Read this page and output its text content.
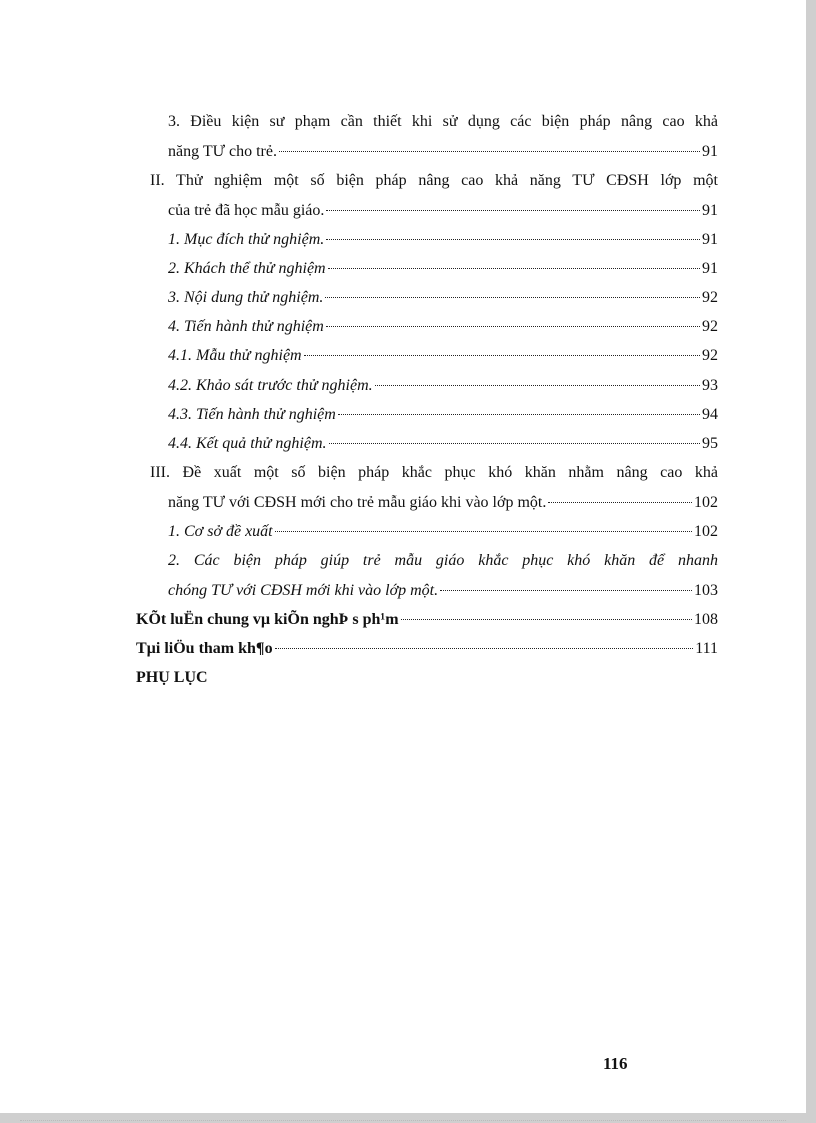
3. Điều kiện sư phạm cần thiết khi sử dụng các biện pháp nâng cao khả
năng TƯ cho trẻ.	91
II. Thử nghiệm một số biện pháp nâng cao khả năng TƯ CĐSH lớp một
của trẻ đã học mẫu giáo.	91
1. Mục đích thử nghiệm.	91
2. Khách thể thử nghiệm	91
3. Nội dung thử nghiệm.	92
4. Tiến hành thử nghiệm	92
4.1. Mẫu thử nghiệm	92
4.2. Khảo sát trước thử nghiệm.	93
4.3. Tiến hành thử nghiệm	94
4.4. Kết quả thử nghiệm.	95
III. Đề xuất một số biện pháp khắc phục khó khăn nhằm nâng cao khả
năng TƯ với CĐSH mới cho trẻ mẫu giáo khi vào lớp một.	102
1. Cơ sở đề xuất	102
2. Các biện pháp giúp trẻ mẫu giáo khắc phục khó khăn để nhanh
chóng TƯ với CĐSH mới khi vào lớp một.	103
KÕt luËn chung vµ kiÕn nghÞ s ph¹m	108
Tµi liÖu tham kh¶o	111
PHỤ LỤC
116
